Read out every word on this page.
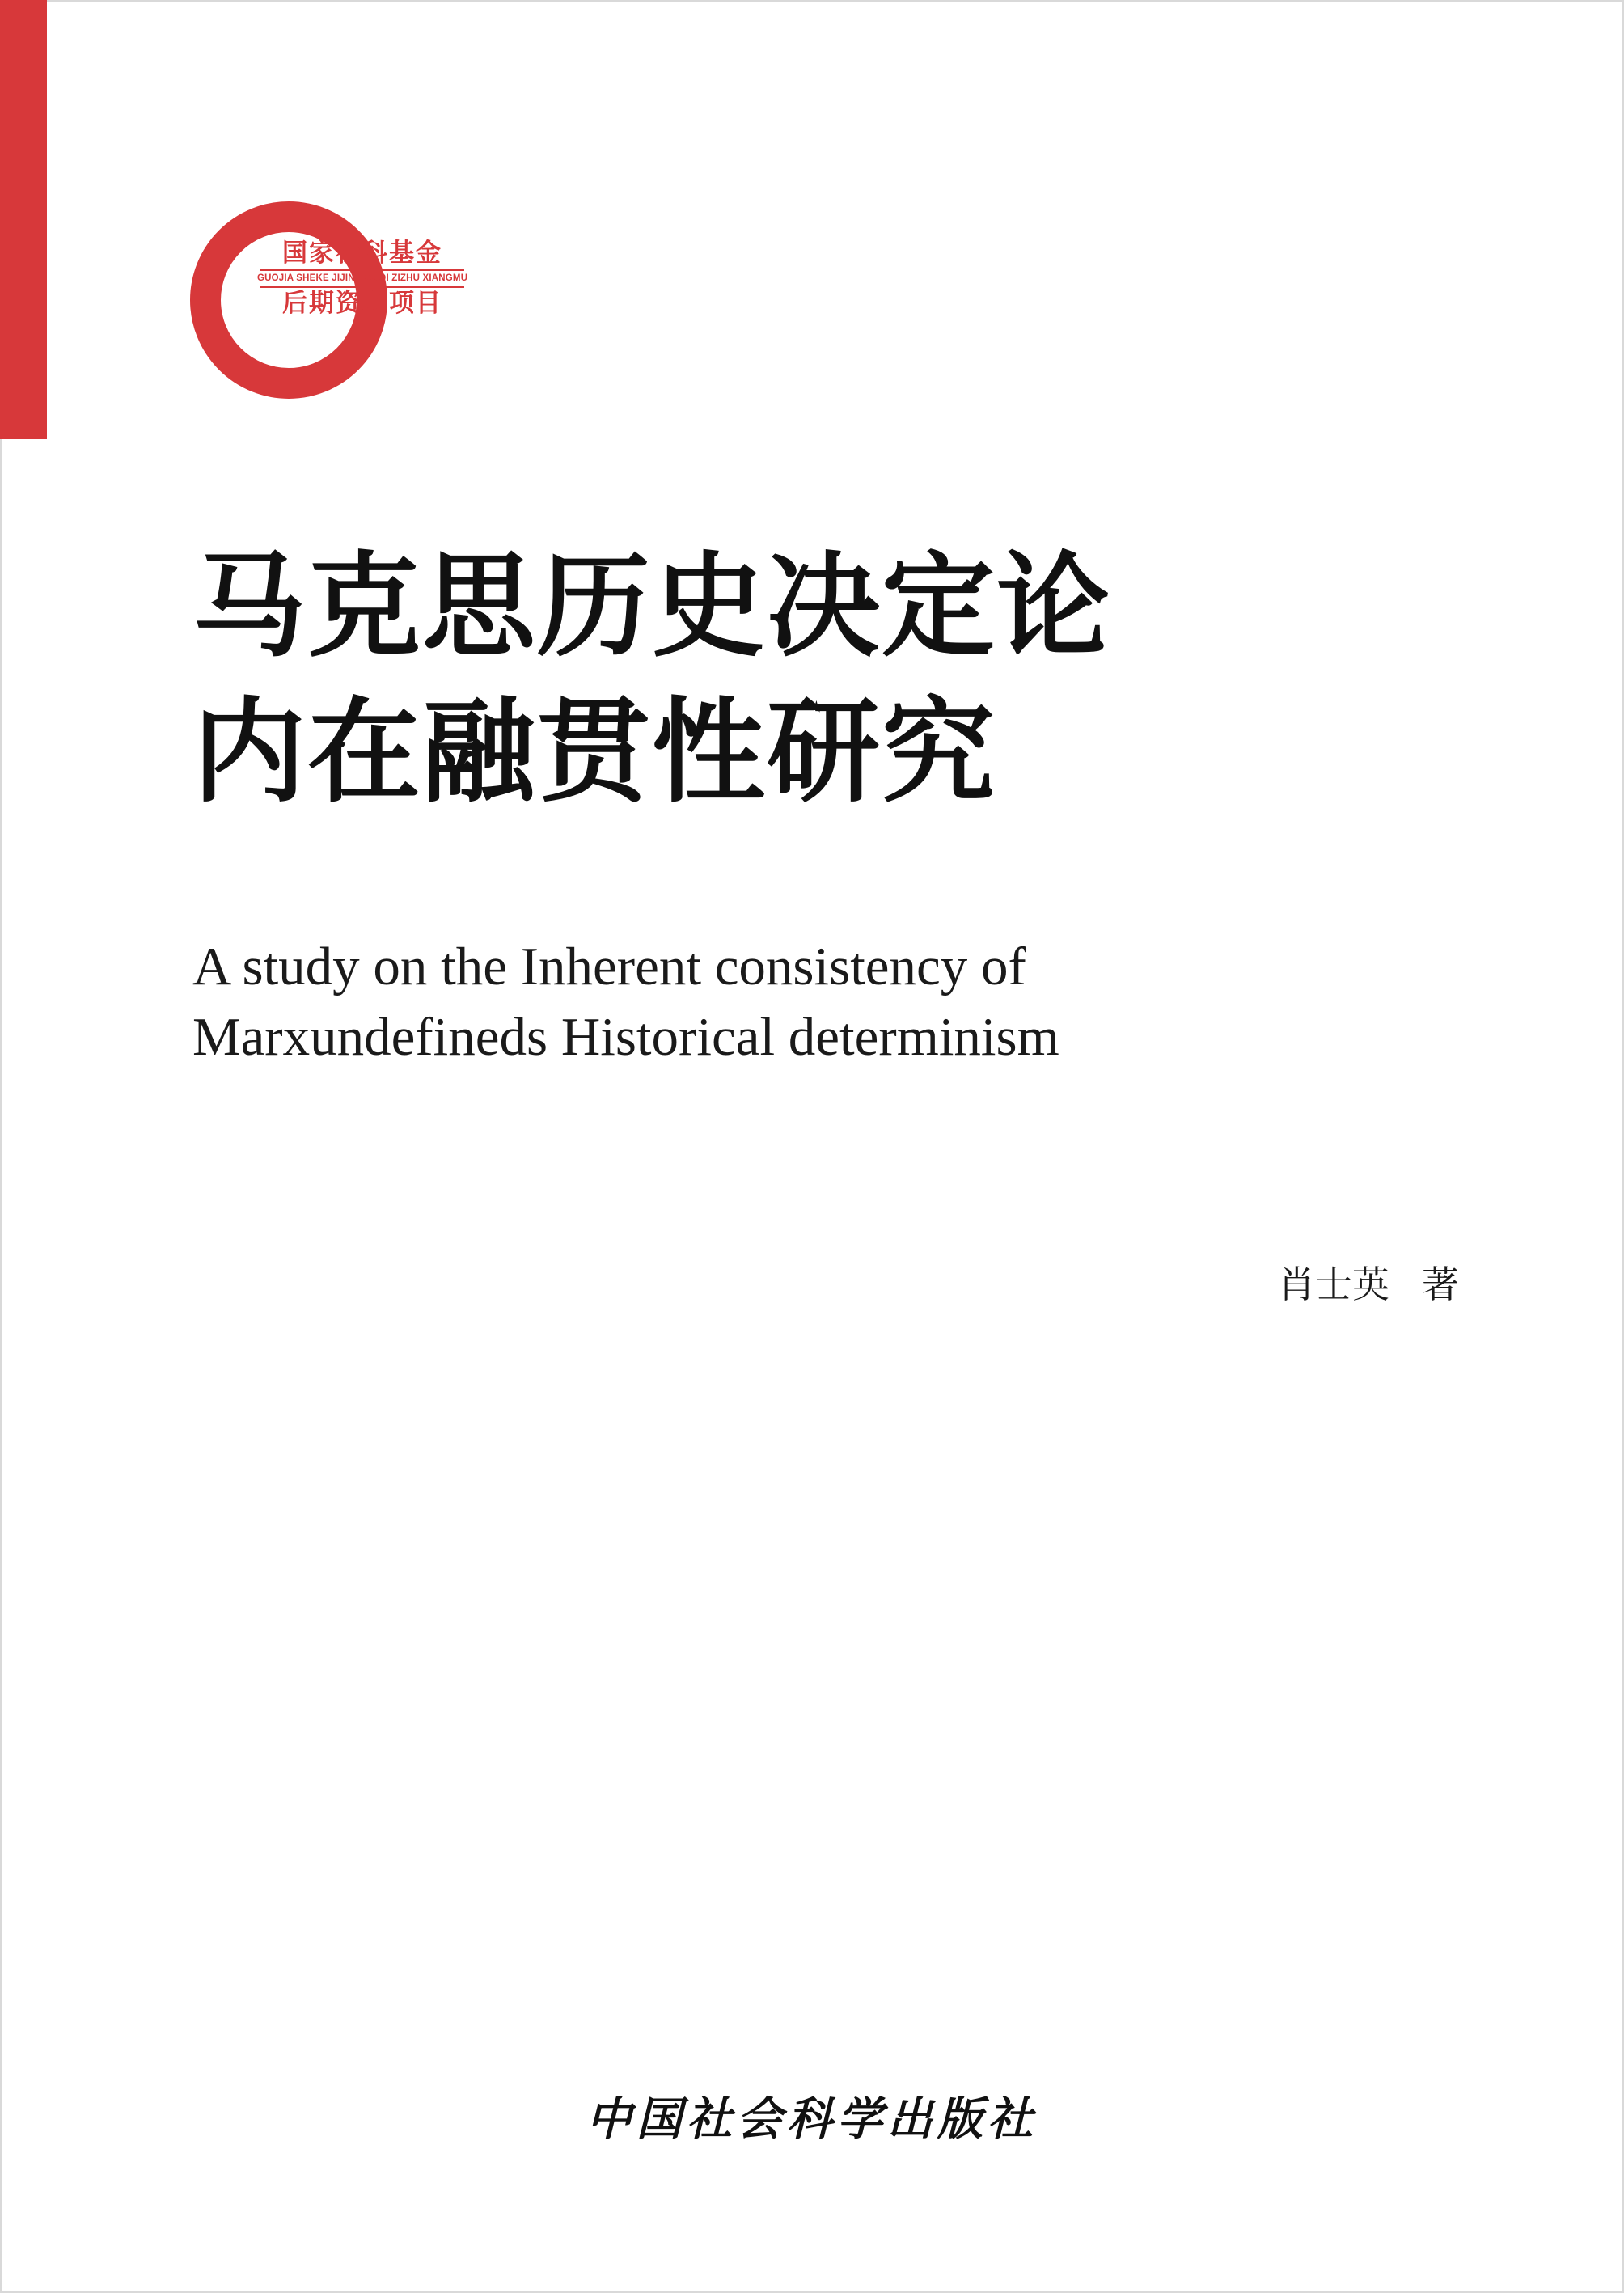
国家社科基金
GUOJIA SHEKE JIJIN HOUQI ZIZHU XIANGMU
后期资助项目
马克思历史决定论
内在融贯性研究
A study on the Inherent consistency of
Marxundefineds Historical determinism
肖士英 著
中国社会科学出版社
